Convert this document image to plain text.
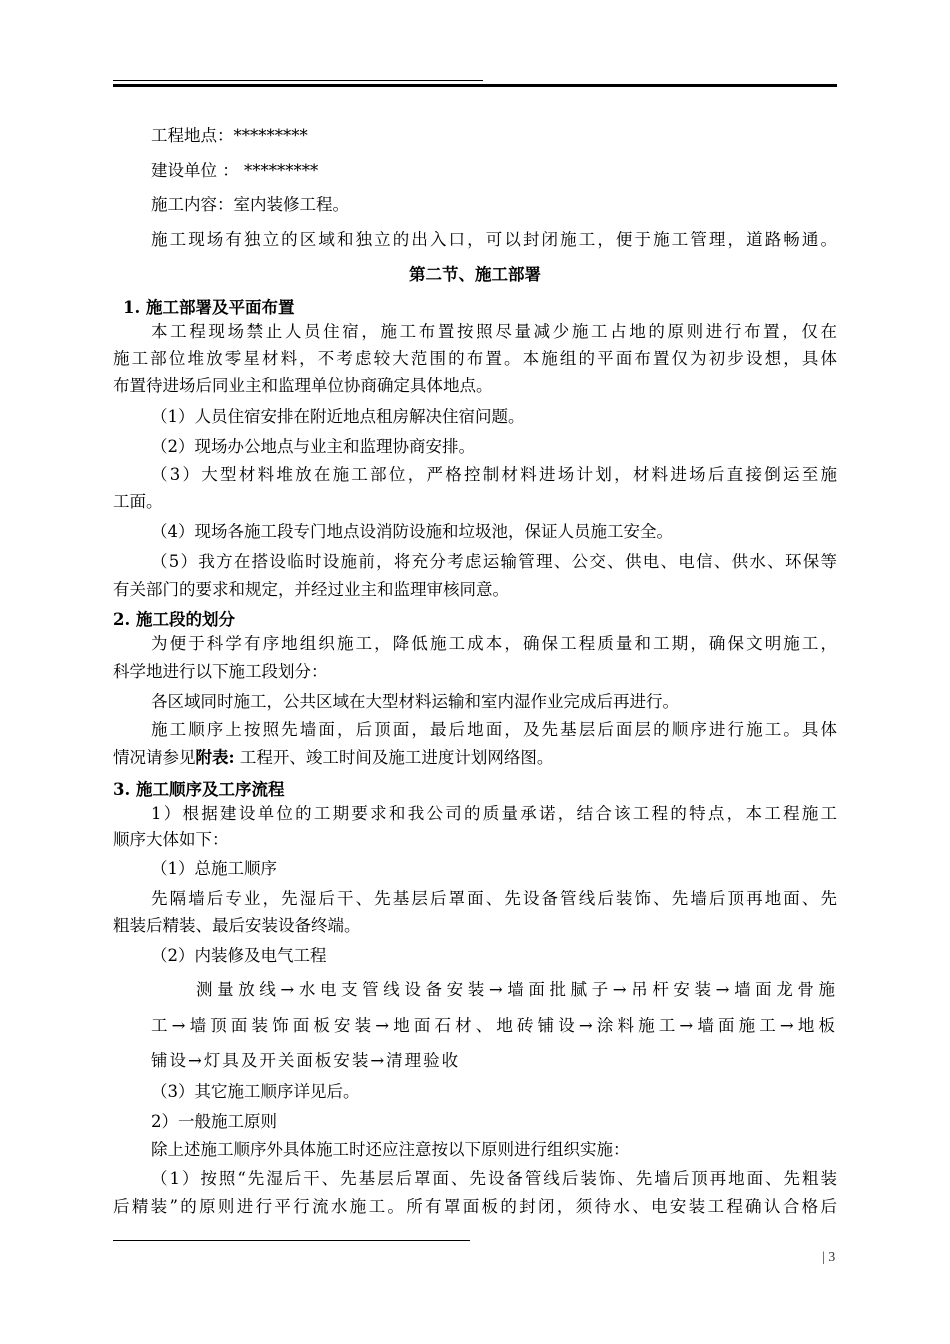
工程地点：*********
建设单位 ： *********
施工内容：室内装修工程。
施工现场有独立的区域和独立的出入口，可以封闭施工，便于施工管理，道路畅通。
第二节、施工部署
1. 施工部署及平面布置
本工程现场禁止人员住宿，施工布置按照尽量减少施工占地的原则进行布置，仅在
施工部位堆放零星材料，不考虑较大范围的布置。本施组的平面布置仅为初步设想，具体
布置待进场后同业主和监理单位协商确定具体地点。
（1）人员住宿安排在附近地点租房解决住宿问题。
（2）现场办公地点与业主和监理协商安排。
（3）大型材料堆放在施工部位，严格控制材料进场计划，材料进场后直接倒运至施
工面。
（4）现场各施工段专门地点设消防设施和垃圾池，保证人员施工安全。
（5）我方在搭设临时设施前，将充分考虑运输管理、公交、供电、电信、供水、环保等
有关部门的要求和规定，并经过业主和监理审核同意。
2. 施工段的划分
为便于科学有序地组织施工，降低施工成本，确保工程质量和工期，确保文明施工，
科学地进行以下施工段划分：
各区域同时施工，公共区域在大型材料运输和室内湿作业完成后再进行。
施工顺序上按照先墙面，后顶面，最后地面，及先基层后面层的顺序进行施工。具体
情况请参见附表: 工程开、竣工时间及施工进度计划网络图。
3. 施工顺序及工序流程
1）根据建设单位的工期要求和我公司的质量承诺，结合该工程的特点，本工程施工
顺序大体如下：
（1）总施工顺序
先隔墙后专业，先湿后干、先基层后罩面、先设备管线后装饰、先墙后顶再地面、先
粗装后精装、最后安装设备终端。
（2）内装修及电气工程
测量放线→水电支管线设备安装→墙面批腻子→吊杆安装→墙面龙骨施
工→墙顶面装饰面板安装→地面石材、地砖铺设→涂料施工→墙面施工→地板
铺设→灯具及开关面板安装→清理验收
（3）其它施工顺序详见后。
2）一般施工原则
除上述施工顺序外具体施工时还应注意按以下原则进行组织实施：
（1）按照“先湿后干、先基层后罩面、先设备管线后装饰、先墙后顶再地面、先粗装
后精装”的原则进行平行流水施工。所有罩面板的封闭，须待水、电安装工程确认合格后
| 3
